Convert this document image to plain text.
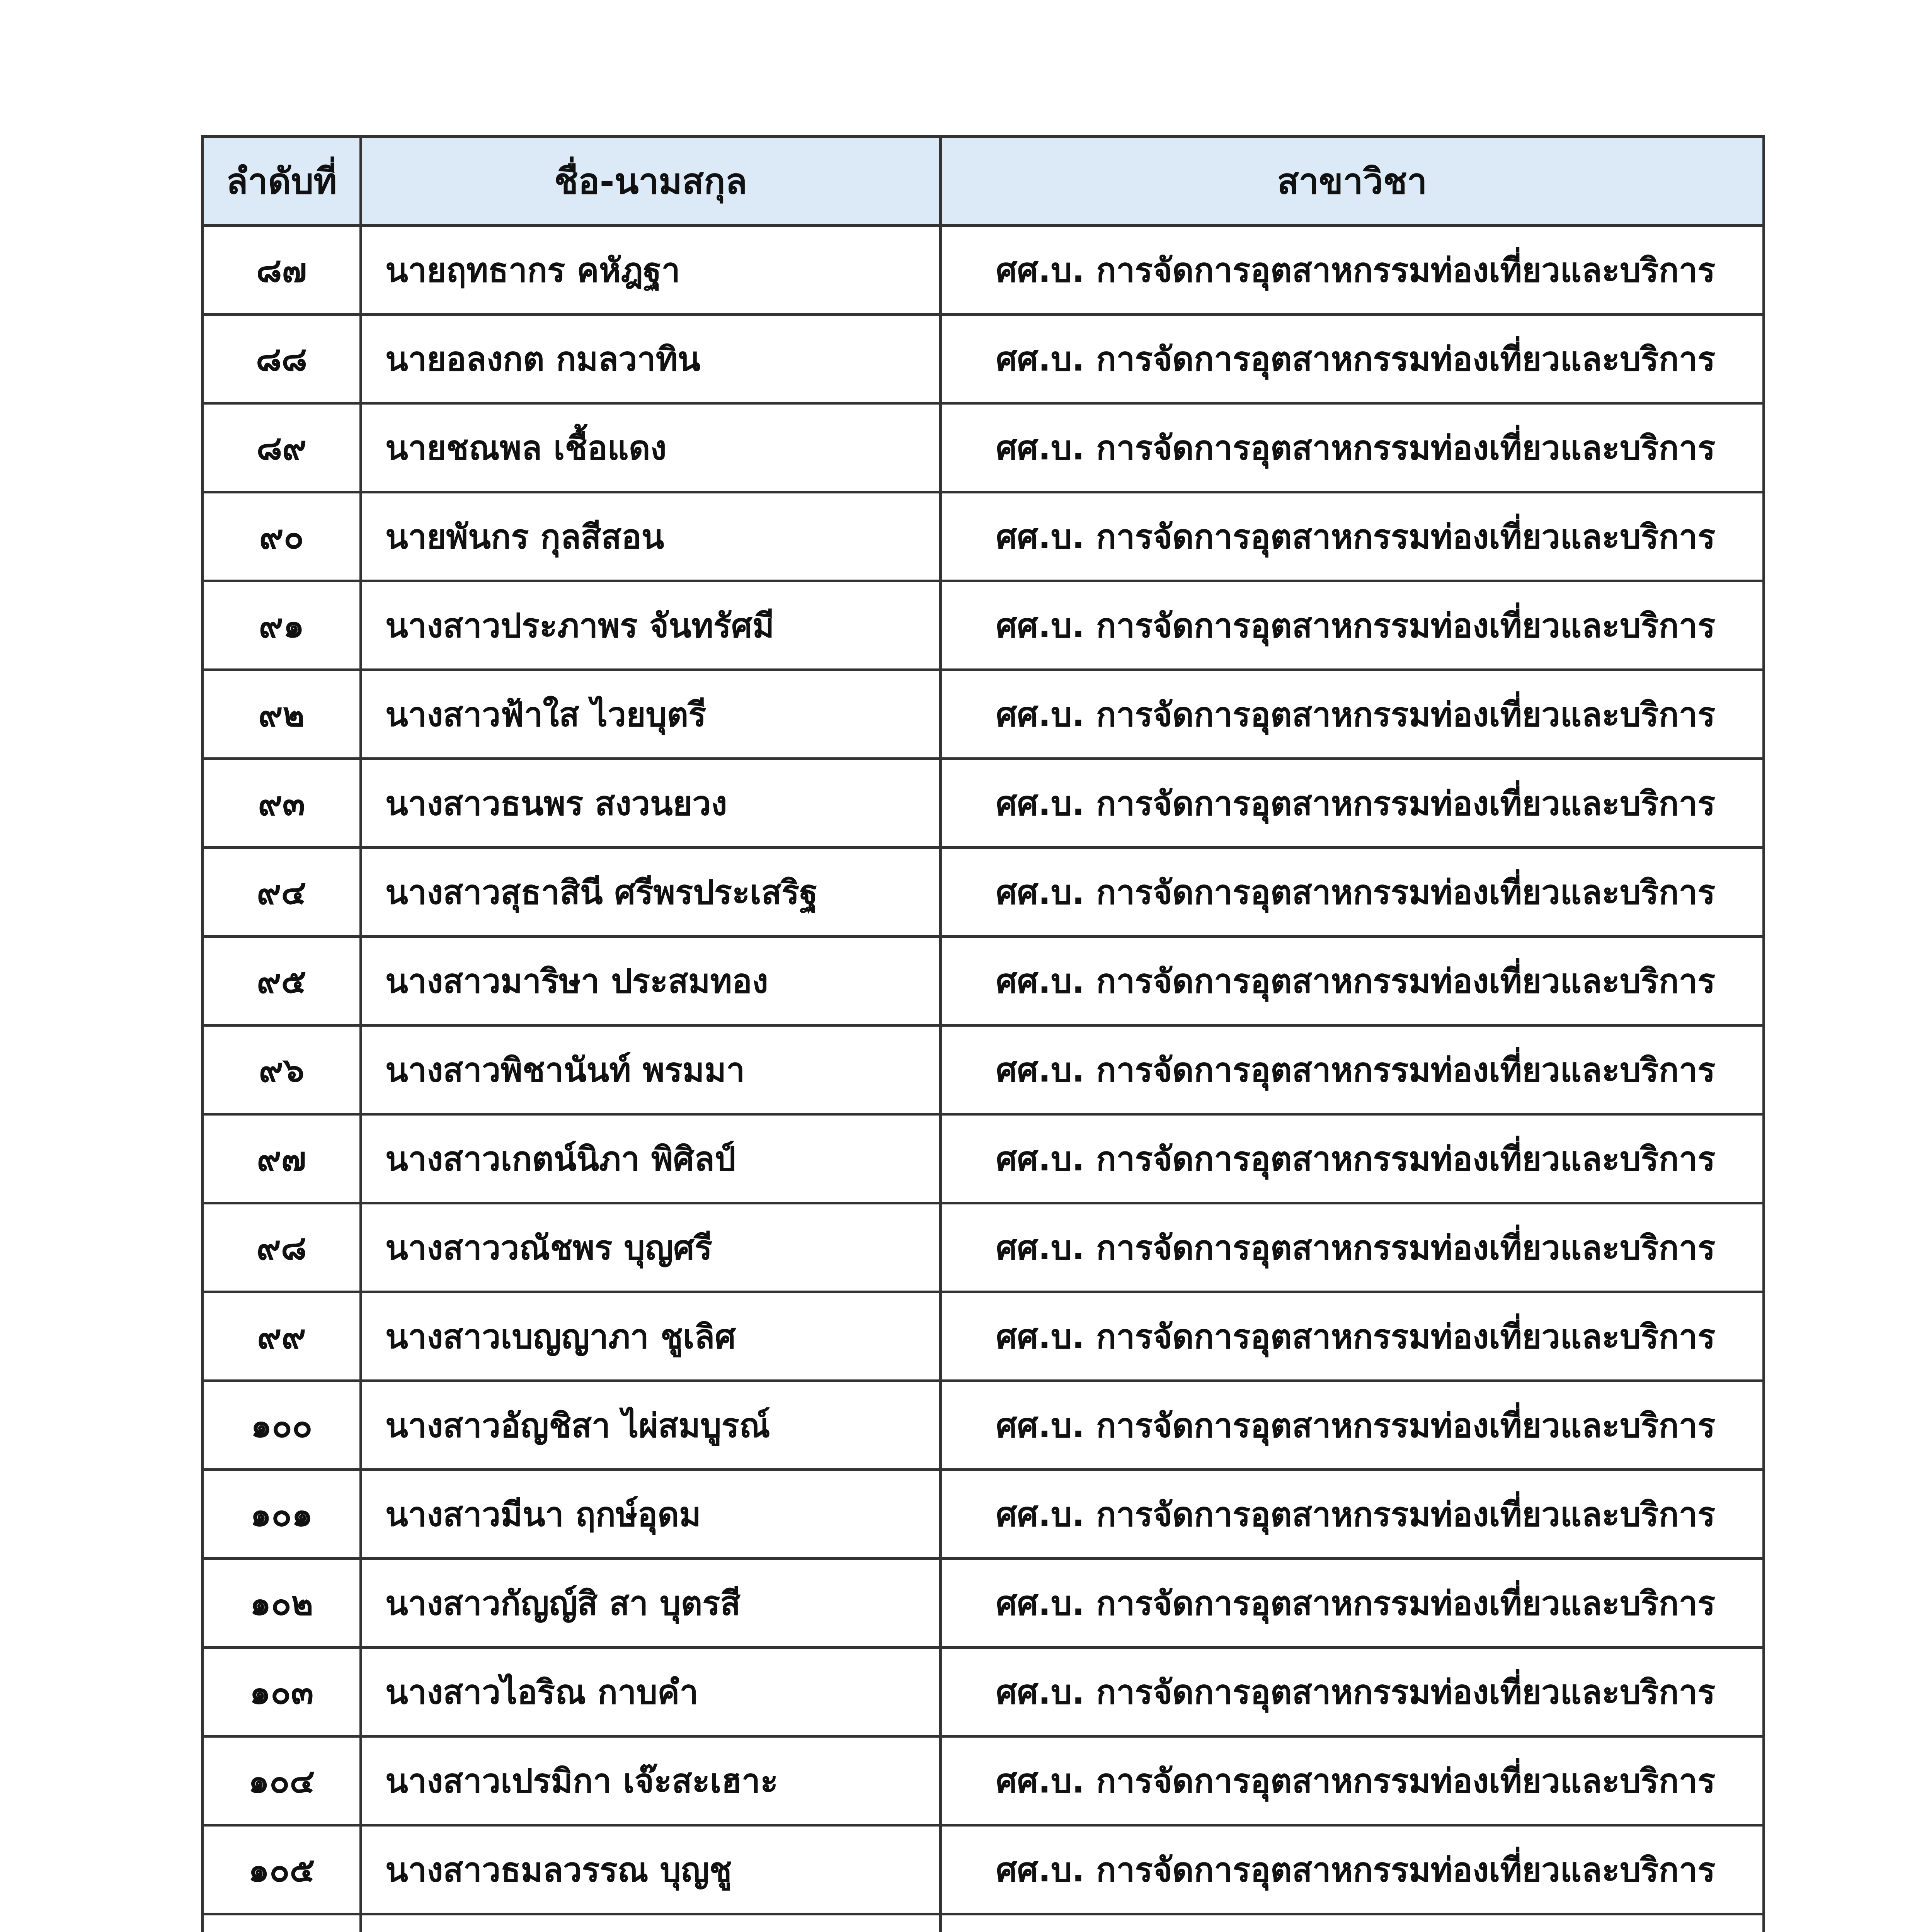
ลำดับที่	ชื่อ-นามสกุล	สาขาวิชา
๘๗	นายฤทธากร คหัฎฐา	ศศ.บ. การจัดการอุตสาหกรรมท่องเที่ยวและบริการ
๘๘	นายอลงกต กมลวาทิน	ศศ.บ. การจัดการอุตสาหกรรมท่องเที่ยวและบริการ
๘๙	นายชณพล เชื้อแดง	ศศ.บ. การจัดการอุตสาหกรรมท่องเที่ยวและบริการ
๙๐	นายพันกร กุลสีสอน	ศศ.บ. การจัดการอุตสาหกรรมท่องเที่ยวและบริการ
๙๑	นางสาวประภาพร จันทรัศมี	ศศ.บ. การจัดการอุตสาหกรรมท่องเที่ยวและบริการ
๙๒	นางสาวฟ้าใส ไวยบุตรี	ศศ.บ. การจัดการอุตสาหกรรมท่องเที่ยวและบริการ
๙๓	นางสาวธนพร สงวนยวง	ศศ.บ. การจัดการอุตสาหกรรมท่องเที่ยวและบริการ
๙๔	นางสาวสุธาสินี ศรีพรประเสริฐ	ศศ.บ. การจัดการอุตสาหกรรมท่องเที่ยวและบริการ
๙๕	นางสาวมาริษา ประสมทอง	ศศ.บ. การจัดการอุตสาหกรรมท่องเที่ยวและบริการ
๙๖	นางสาวพิชานันท์ พรมมา	ศศ.บ. การจัดการอุตสาหกรรมท่องเที่ยวและบริการ
๙๗	นางสาวเกตน์นิภา พิศิลป์	ศศ.บ. การจัดการอุตสาหกรรมท่องเที่ยวและบริการ
๙๘	นางสาววณัชพร บุญศรี	ศศ.บ. การจัดการอุตสาหกรรมท่องเที่ยวและบริการ
๙๙	นางสาวเบญญาภา ชูเลิศ	ศศ.บ. การจัดการอุตสาหกรรมท่องเที่ยวและบริการ
๑๐๐	นางสาวอัญชิสา ไผ่สมบูรณ์	ศศ.บ. การจัดการอุตสาหกรรมท่องเที่ยวและบริการ
๑๐๑	นางสาวมีนา ฤกษ์อุดม	ศศ.บ. การจัดการอุตสาหกรรมท่องเที่ยวและบริการ
๑๐๒	นางสาวกัญญ์สิ สา บุตรสี	ศศ.บ. การจัดการอุตสาหกรรมท่องเที่ยวและบริการ
๑๐๓	นางสาวไอริณ กาบคำ	ศศ.บ. การจัดการอุตสาหกรรมท่องเที่ยวและบริการ
๑๐๔	นางสาวเปรมิกา เจ๊ะสะเฮาะ	ศศ.บ. การจัดการอุตสาหกรรมท่องเที่ยวและบริการ
๑๐๕	นางสาวธมลวรรณ บุญชู	ศศ.บ. การจัดการอุตสาหกรรมท่องเที่ยวและบริการ
